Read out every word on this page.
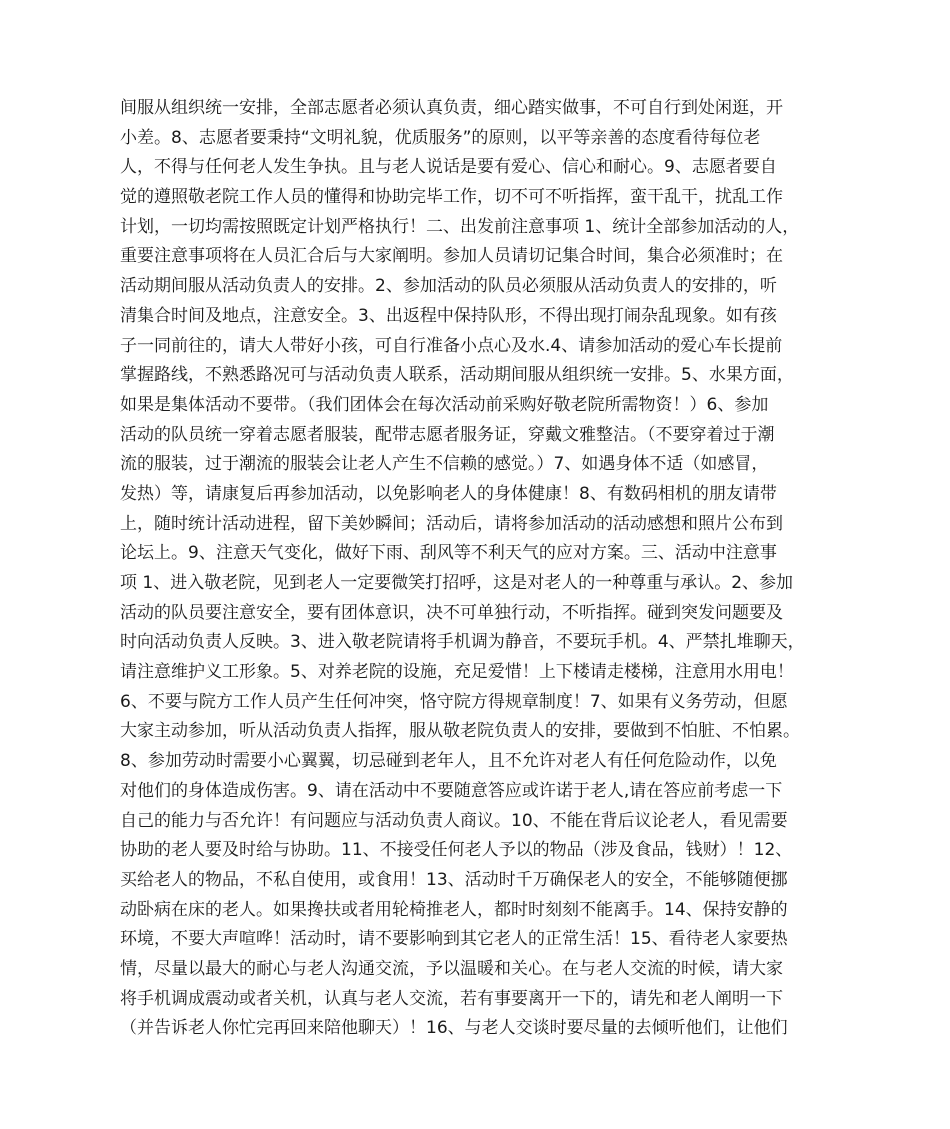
间服从组织统一安排，全部志愿者必须认真负责，细心踏实做事，不可自行到处闲逛，开
小差。8、志愿者要秉持“文明礼貌，优质服务”的原则，以平等亲善的态度看待每位老
人，不得与任何老人发生争执。且与老人说话是要有爱心、信心和耐心。9、志愿者要自
觉的遵照敬老院工作人员的懂得和协助完毕工作，切不可不听指挥，蛮干乱干，扰乱工作
计划，一切均需按照既定计划严格执行！二、出发前注意事项 1、统计全部参加活动的人，
重要注意事项将在人员汇合后与大家阐明。参加人员请切记集合时间，集合必须准时；在
活动期间服从活动负责人的安排。2、参加活动的队员必须服从活动负责人的安排的，听
清集合时间及地点，注意安全。3、出返程中保持队形，不得出现打闹杂乱现象。如有孩
子一同前往的，请大人带好小孩，可自行准备小点心及水.4、请参加活动的爱心车长提前
掌握路线，不熟悉路况可与活动负责人联系，活动期间服从组织统一安排。5、水果方面，
如果是集体活动不要带。（我们团体会在每次活动前采购好敬老院所需物资！）6、参加
活动的队员统一穿着志愿者服装，配带志愿者服务证，穿戴文雅整洁。（不要穿着过于潮
流的服装，过于潮流的服装会让老人产生不信赖的感觉。）7、如遇身体不适（如感冒，
发热）等，请康复后再参加活动，以免影响老人的身体健康！8、有数码相机的朋友请带
上，随时统计活动进程，留下美妙瞬间；活动后，请将参加活动的活动感想和照片公布到
论坛上。9、注意天气变化，做好下雨、刮风等不利天气的应对方案。三、活动中注意事
项 1、进入敬老院，见到老人一定要微笑打招呼，这是对老人的一种尊重与承认。2、参加
活动的队员要注意安全，要有团体意识，决不可单独行动，不听指挥。碰到突发问题要及
时向活动负责人反映。3、进入敬老院请将手机调为静音，不要玩手机。4、严禁扎堆聊天，
请注意维护义工形象。5、对养老院的设施，充足爱惜！上下楼请走楼梯，注意用水用电！
6、不要与院方工作人员产生任何冲突，恪守院方得规章制度！7、如果有义务劳动，但愿
大家主动参加，听从活动负责人指挥，服从敬老院负责人的安排，要做到不怕脏、不怕累。
8、参加劳动时需要小心翼翼，切忌碰到老年人，且不允许对老人有任何危险动作，以免
对他们的身体造成伤害。9、请在活动中不要随意答应或许诺于老人,请在答应前考虑一下
自己的能力与否允许！有问题应与活动负责人商议。10、不能在背后议论老人，看见需要
协助的老人要及时给与协助。11、不接受任何老人予以的物品（涉及食品，钱财）！12、
买给老人的物品，不私自使用，或食用！13、活动时千万确保老人的安全，不能够随便挪
动卧病在床的老人。如果搀扶或者用轮椅推老人，都时时刻刻不能离手。14、保持安静的
环境，不要大声喧哗！活动时，请不要影响到其它老人的正常生活！15、看待老人家要热
情，尽量以最大的耐心与老人沟通交流，予以温暖和关心。在与老人交流的时候，请大家
将手机调成震动或者关机，认真与老人交流，若有事要离开一下的，请先和老人阐明一下
（并告诉老人你忙完再回来陪他聊天）！16、与老人交谈时要尽量的去倾听他们，让他们
